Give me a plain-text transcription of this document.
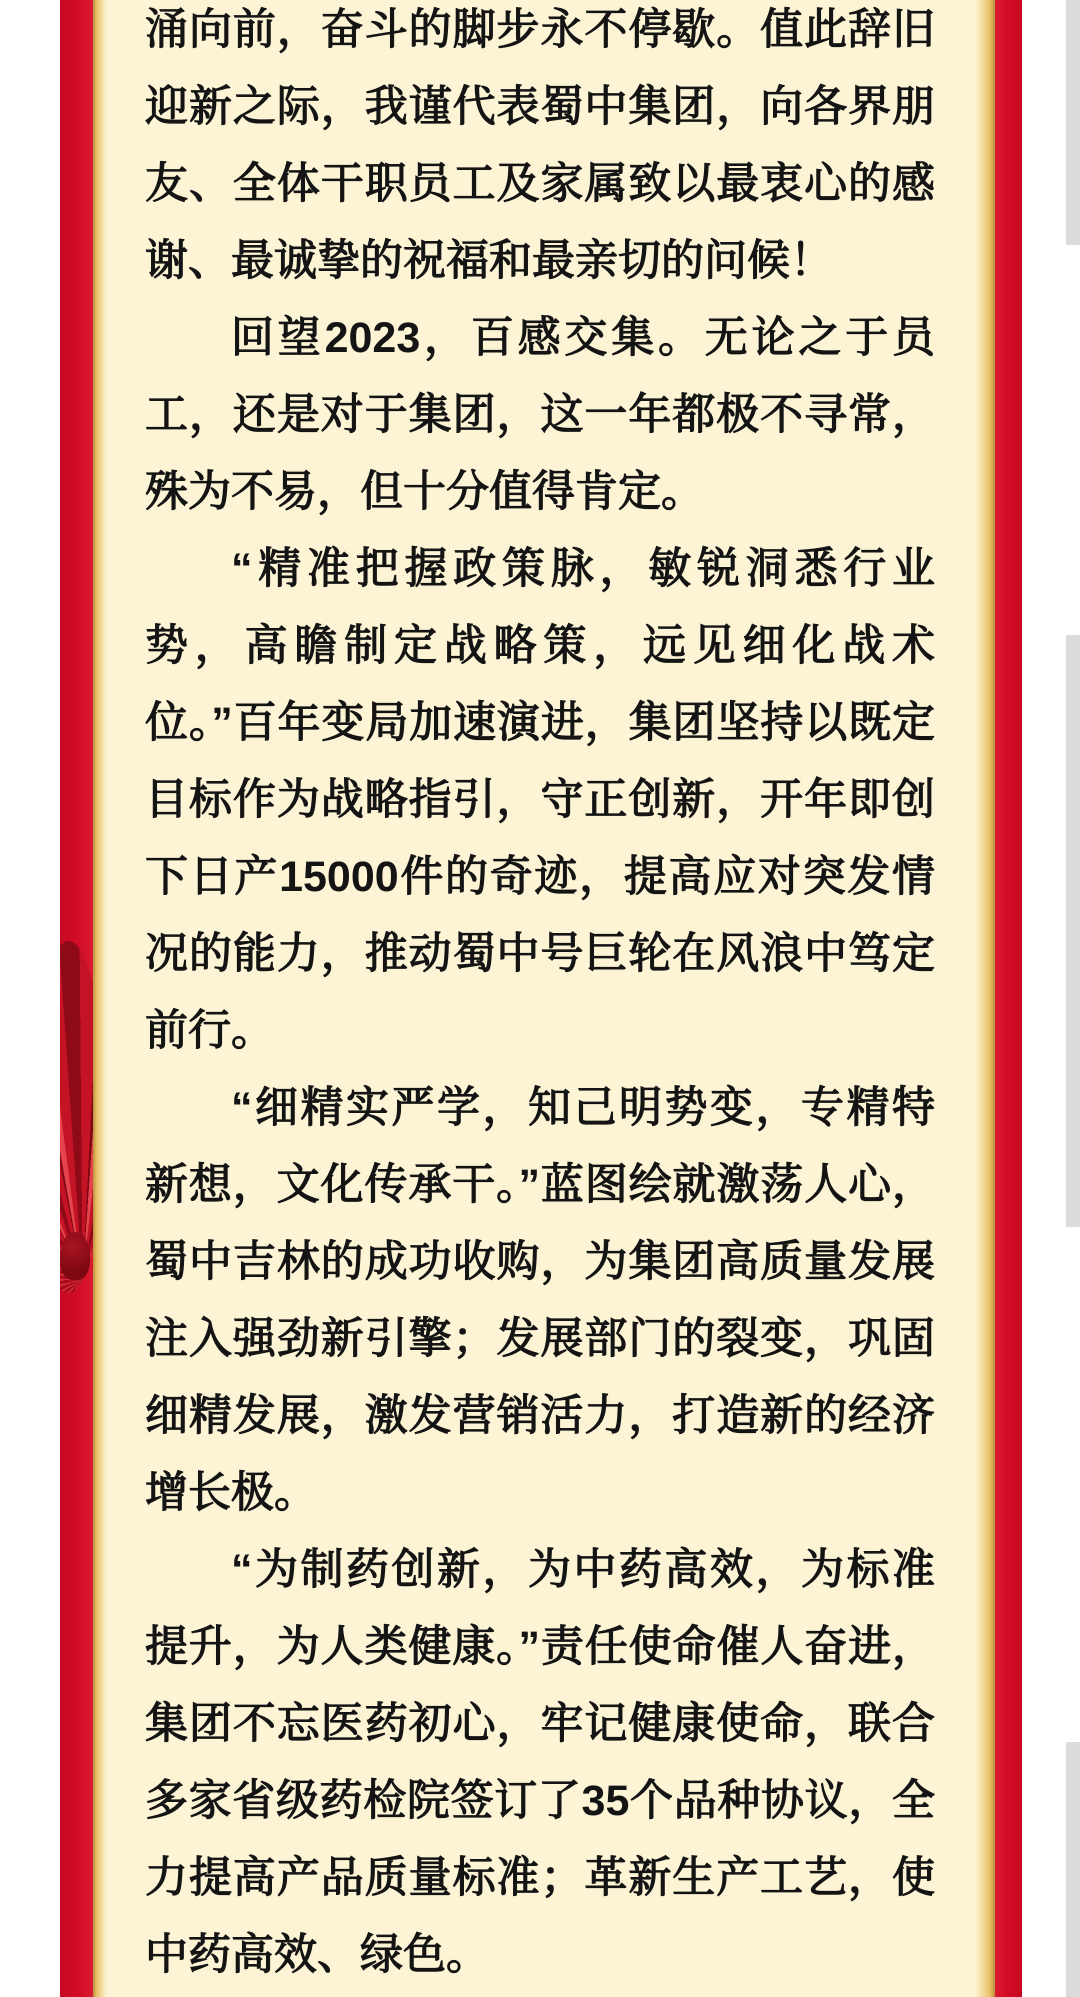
涌向前，奋斗的脚步永不停歇。值此辞旧迎新之际，我谨代表蜀中集团，向各界朋友、全体干职员工及家属致以最衷心的感谢、最诚挚的祝福和最亲切的问候！

回望2023，百感交集。无论之于员工，还是对于集团，这一年都极不寻常，殊为不易，但十分值得肯定。

“精准把握政策脉，敏锐洞悉行业势，高瞻制定战略策，远见细化战术位。”百年变局加速演进，集团坚持以既定目标作为战略指引，守正创新，开年即创下日产15000件的奇迹，提高应对突发情况的能力，推动蜀中号巨轮在风浪中笃定前行。

“细精实严学，知己明势变，专精特新想，文化传承干。”蓝图绘就激荡人心，蜀中吉林的成功收购，为集团高质量发展注入强劲新引擎；发展部门的裂变，巩固细精发展，激发营销活力，打造新的经济增长极。

“为制药创新，为中药高效，为标准提升，为人类健康。”责任使命催人奋进，集团不忘医药初心，牢记健康使命，联合多家省级药检院签订了35个品种协议，全力提高产品质量标准；革新生产工艺，使中药高效、绿色。
